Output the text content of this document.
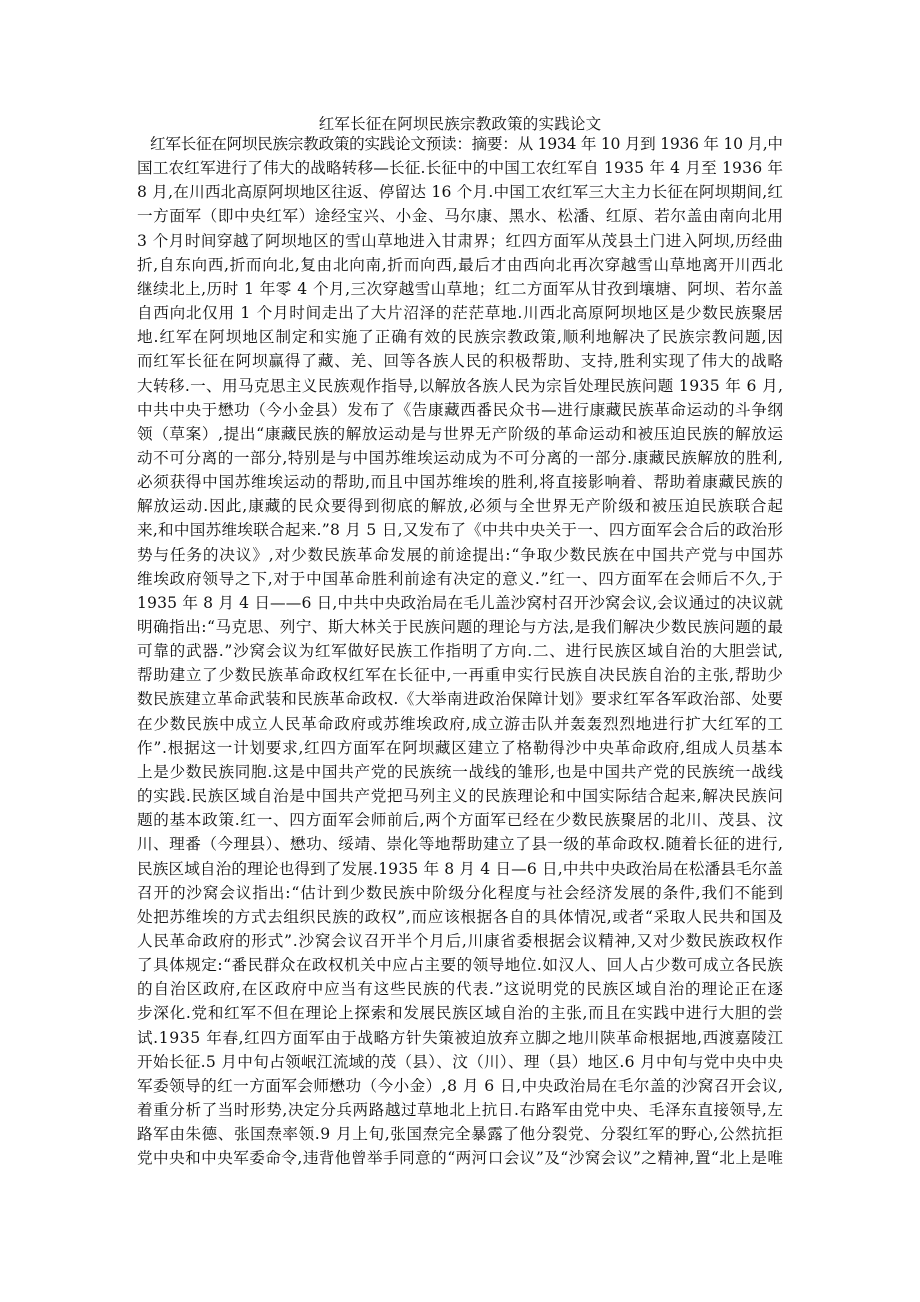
红军长征在阿坝民族宗教政策的实践论文
红军长征在阿坝民族宗教政策的实践论文预读：摘要：从 1934 年 10 月到 1936 年 10 月,中
国工农红军进行了伟大的战略转移—长征.长征中的中国工农红军自 1935 年 4 月至 1936 年
8 月,在川西北高原阿坝地区往返、停留达 16 个月.中国工农红军三大主力长征在阿坝期间,红
一方面军（即中央红军）途经宝兴、小金、马尔康、黑水、松潘、红原、若尔盖由南向北用
3 个月时间穿越了阿坝地区的雪山草地进入甘肃界；红四方面军从茂县土门进入阿坝,历经曲
折,自东向西,折而向北,复由北向南,折而向西,最后才由西向北再次穿越雪山草地离开川西北
继续北上,历时 1 年零 4 个月,三次穿越雪山草地；红二方面军从甘孜到壤塘、阿坝、若尔盖
自西向北仅用 1 个月时间走出了大片沼泽的茫茫草地.川西北高原阿坝地区是少数民族聚居
地.红军在阿坝地区制定和实施了正确有效的民族宗教政策,顺利地解决了民族宗教问题,因
而红军长征在阿坝赢得了藏、羌、回等各族人民的积极帮助、支持,胜利实现了伟大的战略
大转移.一、用马克思主义民族观作指导,以解放各族人民为宗旨处理民族问题 1935 年 6 月,
中共中央于懋功（今小金县）发布了《告康藏西番民众书—进行康藏民族革命运动的斗争纲
领（草案）,提出“康藏民族的解放运动是与世界无产阶级的革命运动和被压迫民族的解放运
动不可分离的一部分,特别是与中国苏维埃运动成为不可分离的一部分.康藏民族解放的胜利,
必须获得中国苏维埃运动的帮助,而且中国苏维埃的胜利,将直接影响着、帮助着康藏民族的
解放运动.因此,康藏的民众要得到彻底的解放,必须与全世界无产阶级和被压迫民族联合起
来,和中国苏维埃联合起来.”8 月 5 日,又发布了《中共中央关于一、四方面军会合后的政治形
势与任务的决议》,对少数民族革命发展的前途提出:“争取少数民族在中国共产党与中国苏
维埃政府领导之下,对于中国革命胜利前途有决定的意义.”红一、四方面军在会师后不久,于
1935 年 8 月 4 日——6 日,中共中央政治局在毛儿盖沙窝村召开沙窝会议,会议通过的决议就
明确指出:“马克思、列宁、斯大林关于民族问题的理论与方法,是我们解决少数民族问题的最
可靠的武器.”沙窝会议为红军做好民族工作指明了方向.二、进行民族区域自治的大胆尝试,
帮助建立了少数民族革命政权红军在长征中,一再重申实行民族自决民族自治的主张,帮助少
数民族建立革命武装和民族革命政权.《大举南进政治保障计划》要求红军各军政治部、处要
在少数民族中成立人民革命政府或苏维埃政府,成立游击队并轰轰烈烈地进行扩大红军的工
作”.根据这一计划要求,红四方面军在阿坝藏区建立了格勒得沙中央革命政府,组成人员基本
上是少数民族同胞.这是中国共产党的民族统一战线的雏形,也是中国共产党的民族统一战线
的实践.民族区域自治是中国共产党把马列主义的民族理论和中国实际结合起来,解决民族问
题的基本政策.红一、四方面军会师前后,两个方面军已经在少数民族聚居的北川、茂县、汶
川、理番（今理县）、懋功、绥靖、崇化等地帮助建立了县一级的革命政权.随着长征的进行,
民族区域自治的理论也得到了发展.1935 年 8 月 4 日—6 日,中共中央政治局在松潘县毛尔盖
召开的沙窝会议指出:“估计到少数民族中阶级分化程度与社会经济发展的条件,我们不能到
处把苏维埃的方式去组织民族的政权”,而应该根据各自的具体情况,或者“采取人民共和国及
人民革命政府的形式”.沙窝会议召开半个月后,川康省委根据会议精神,又对少数民族政权作
了具体规定:“番民群众在政权机关中应占主要的领导地位.如汉人、回人占少数可成立各民族
的自治区政府,在区政府中应当有这些民族的代表.”这说明党的民族区域自治的理论正在逐
步深化.党和红军不但在理论上探索和发展民族区域自治的主张,而且在实践中进行大胆的尝
试.1935 年春,红四方面军由于战略方针失策被迫放弃立脚之地川陕革命根据地,西渡嘉陵江
开始长征.5 月中旬占领岷江流域的茂（县）、汶（川）、理（县）地区.6 月中旬与党中央中央
军委领导的红一方面军会师懋功（今小金）,8 月 6 日,中央政治局在毛尔盖的沙窝召开会议,
着重分析了当时形势,决定分兵两路越过草地北上抗日.右路军由党中央、毛泽东直接领导,左
路军由朱德、张国焘率领.9 月上旬,张国焘完全暴露了他分裂党、分裂红军的野心,公然抗拒
党中央和中央军委命令,违背他曾举手同意的“两河口会议”及“沙窝会议”之精神,置“北上是唯
